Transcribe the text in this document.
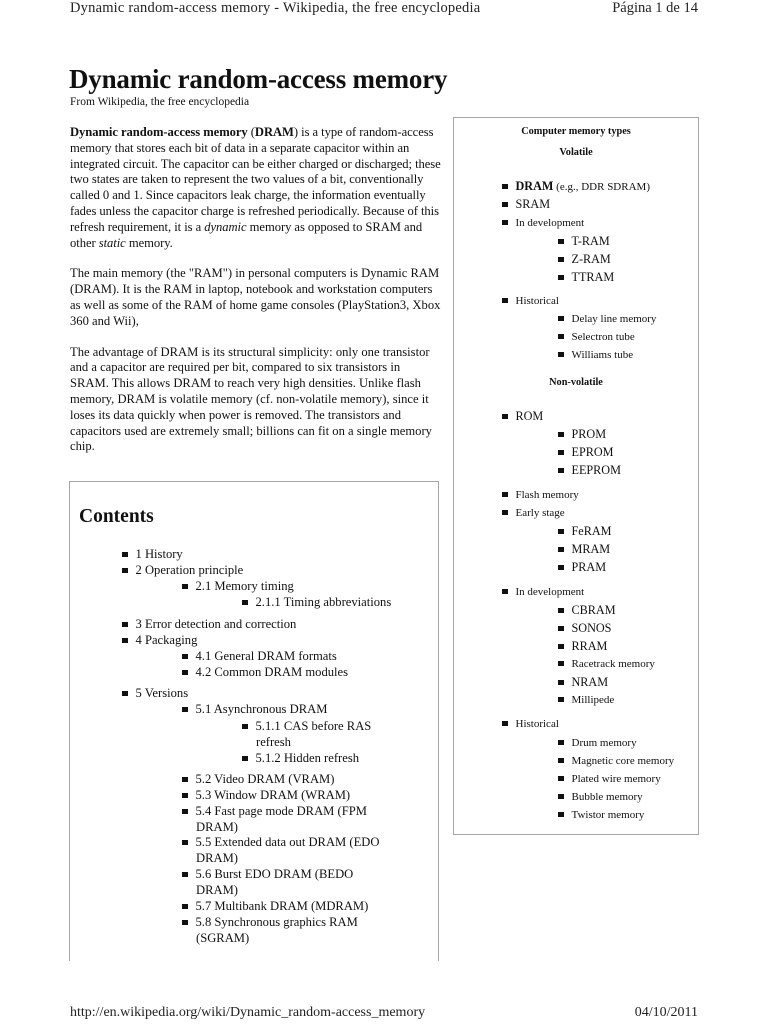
Dynamic random-access memory - Wikipedia, the free encyclopedia	Página 1 de 14
Dynamic random-access memory
From Wikipedia, the free encyclopedia

Dynamic random-access memory (DRAM) is a type of random-access memory that stores each bit of data in a separate capacitor within an integrated circuit. The capacitor can be either charged or discharged; these two states are taken to represent the two values of a bit, conventionally called 0 and 1. Since capacitors leak charge, the information eventually fades unless the capacitor charge is refreshed periodically. Because of this refresh requirement, it is a dynamic memory as opposed to SRAM and other static memory.

The main memory (the "RAM") in personal computers is Dynamic RAM (DRAM). It is the RAM in laptop, notebook and workstation computers as well as some of the RAM of home game consoles (PlayStation3, Xbox 360 and Wii),

The advantage of DRAM is its structural simplicity: only one transistor and a capacitor are required per bit, compared to six transistors in SRAM. This allows DRAM to reach very high densities. Unlike flash memory, DRAM is volatile memory (cf. non-volatile memory), since it loses its data quickly when power is removed. The transistors and capacitors used are extremely small; billions can fit on a single memory chip.

Contents
1 History
2 Operation principle
2.1 Memory timing
2.1.1 Timing abbreviations
3 Error detection and correction
4 Packaging
4.1 General DRAM formats
4.2 Common DRAM modules
5 Versions
5.1 Asynchronous DRAM
5.1.1 CAS before RAS
refresh
5.1.2 Hidden refresh
5.2 Video DRAM (VRAM)
5.3 Window DRAM (WRAM)
5.4 Fast page mode DRAM (FPM
DRAM)
5.5 Extended data out DRAM (EDO
DRAM)
5.6 Burst EDO DRAM (BEDO
DRAM)
5.7 Multibank DRAM (MDRAM)
5.8 Synchronous graphics RAM
(SGRAM)
Computer memory types
Volatile
DRAM (e.g., DDR SDRAM)
SRAM
In development
T-RAM
Z-RAM
TTRAM
Historical
Delay line memory
Selectron tube
Williams tube
Non-volatile
ROM
PROM
EPROM
EEPROM
Flash memory
Early stage
FeRAM
MRAM
PRAM
In development
CBRAM
SONOS
RRAM
Racetrack memory
NRAM
Millipede
Historical
Drum memory
Magnetic core memory
Plated wire memory
Bubble memory
Twistor memory
http://en.wikipedia.org/wiki/Dynamic_random-access_memory	04/10/2011
